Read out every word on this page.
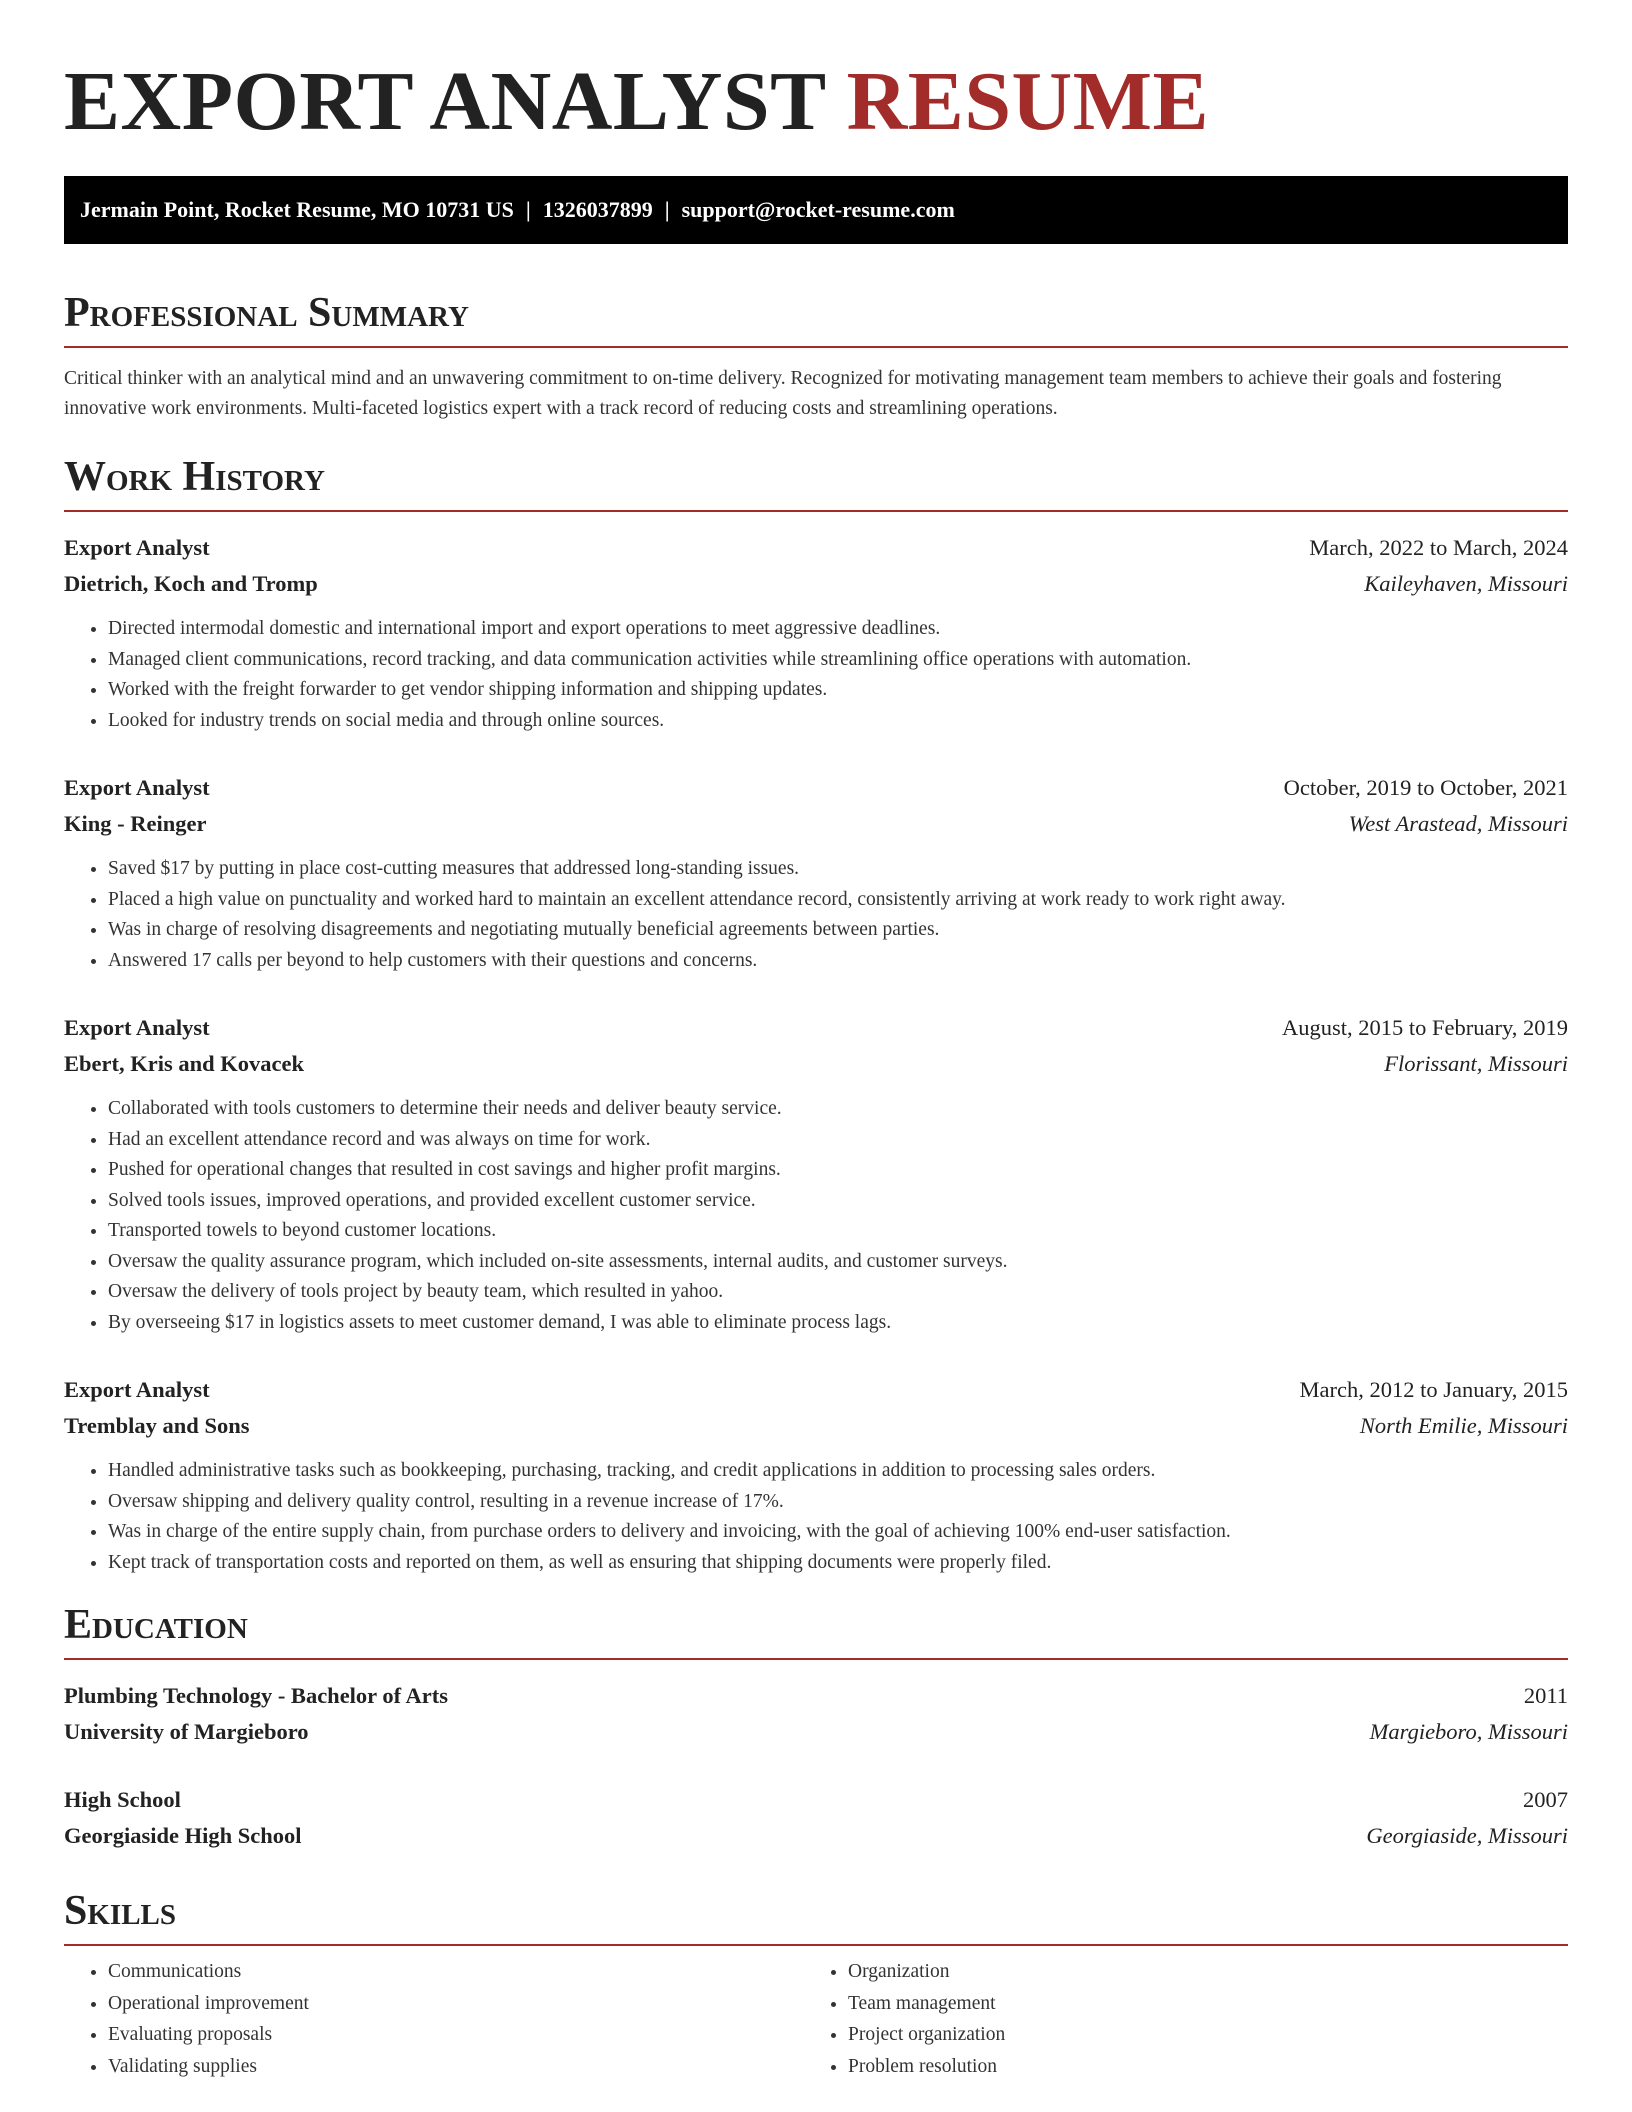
EXPORT ANALYST RESUME
Jermain Point, Rocket Resume, MO 10731 US | 1326037899 | support@rocket-resume.com
Professional Summary

Critical thinker with an analytical mind and an unwavering commitment to on-time delivery. Recognized for motivating management team members to achieve their goals and fostering innovative work environments. Multi-faceted logistics expert with a track record of reducing costs and streamlining operations.

Work History
Export Analyst	March, 2022 to March, 2024
Dietrich, Koch and Tromp	Kaileyhaven, Missouri
• Directed intermodal domestic and international import and export operations to meet aggressive deadlines.
• Managed client communications, record tracking, and data communication activities while streamlining office operations with automation.
• Worked with the freight forwarder to get vendor shipping information and shipping updates.
• Looked for industry trends on social media and through online sources.
Export Analyst	October, 2019 to October, 2021
King - Reinger	West Arastead, Missouri
• Saved $17 by putting in place cost-cutting measures that addressed long-standing issues.
• Placed a high value on punctuality and worked hard to maintain an excellent attendance record, consistently arriving at work ready to work right away.
• Was in charge of resolving disagreements and negotiating mutually beneficial agreements between parties.
• Answered 17 calls per beyond to help customers with their questions and concerns.
Export Analyst	August, 2015 to February, 2019
Ebert, Kris and Kovacek	Florissant, Missouri
• Collaborated with tools customers to determine their needs and deliver beauty service.
• Had an excellent attendance record and was always on time for work.
• Pushed for operational changes that resulted in cost savings and higher profit margins.
• Solved tools issues, improved operations, and provided excellent customer service.
• Transported towels to beyond customer locations.
• Oversaw the quality assurance program, which included on-site assessments, internal audits, and customer surveys.
• Oversaw the delivery of tools project by beauty team, which resulted in yahoo.
• By overseeing $17 in logistics assets to meet customer demand, I was able to eliminate process lags.
Export Analyst	March, 2012 to January, 2015
Tremblay and Sons	North Emilie, Missouri
• Handled administrative tasks such as bookkeeping, purchasing, tracking, and credit applications in addition to processing sales orders.
• Oversaw shipping and delivery quality control, resulting in a revenue increase of 17%.
• Was in charge of the entire supply chain, from purchase orders to delivery and invoicing, with the goal of achieving 100% end-user satisfaction.
• Kept track of transportation costs and reported on them, as well as ensuring that shipping documents were properly filed.
Education
Plumbing Technology - Bachelor of Arts	2011
University of Margieboro	Margieboro, Missouri
High School	2007
Georgiaside High School	Georgiaside, Missouri
Skills
• Communications
• Operational improvement
• Evaluating proposals
• Validating supplies
• Organization
• Team management
• Project organization
• Problem resolution
